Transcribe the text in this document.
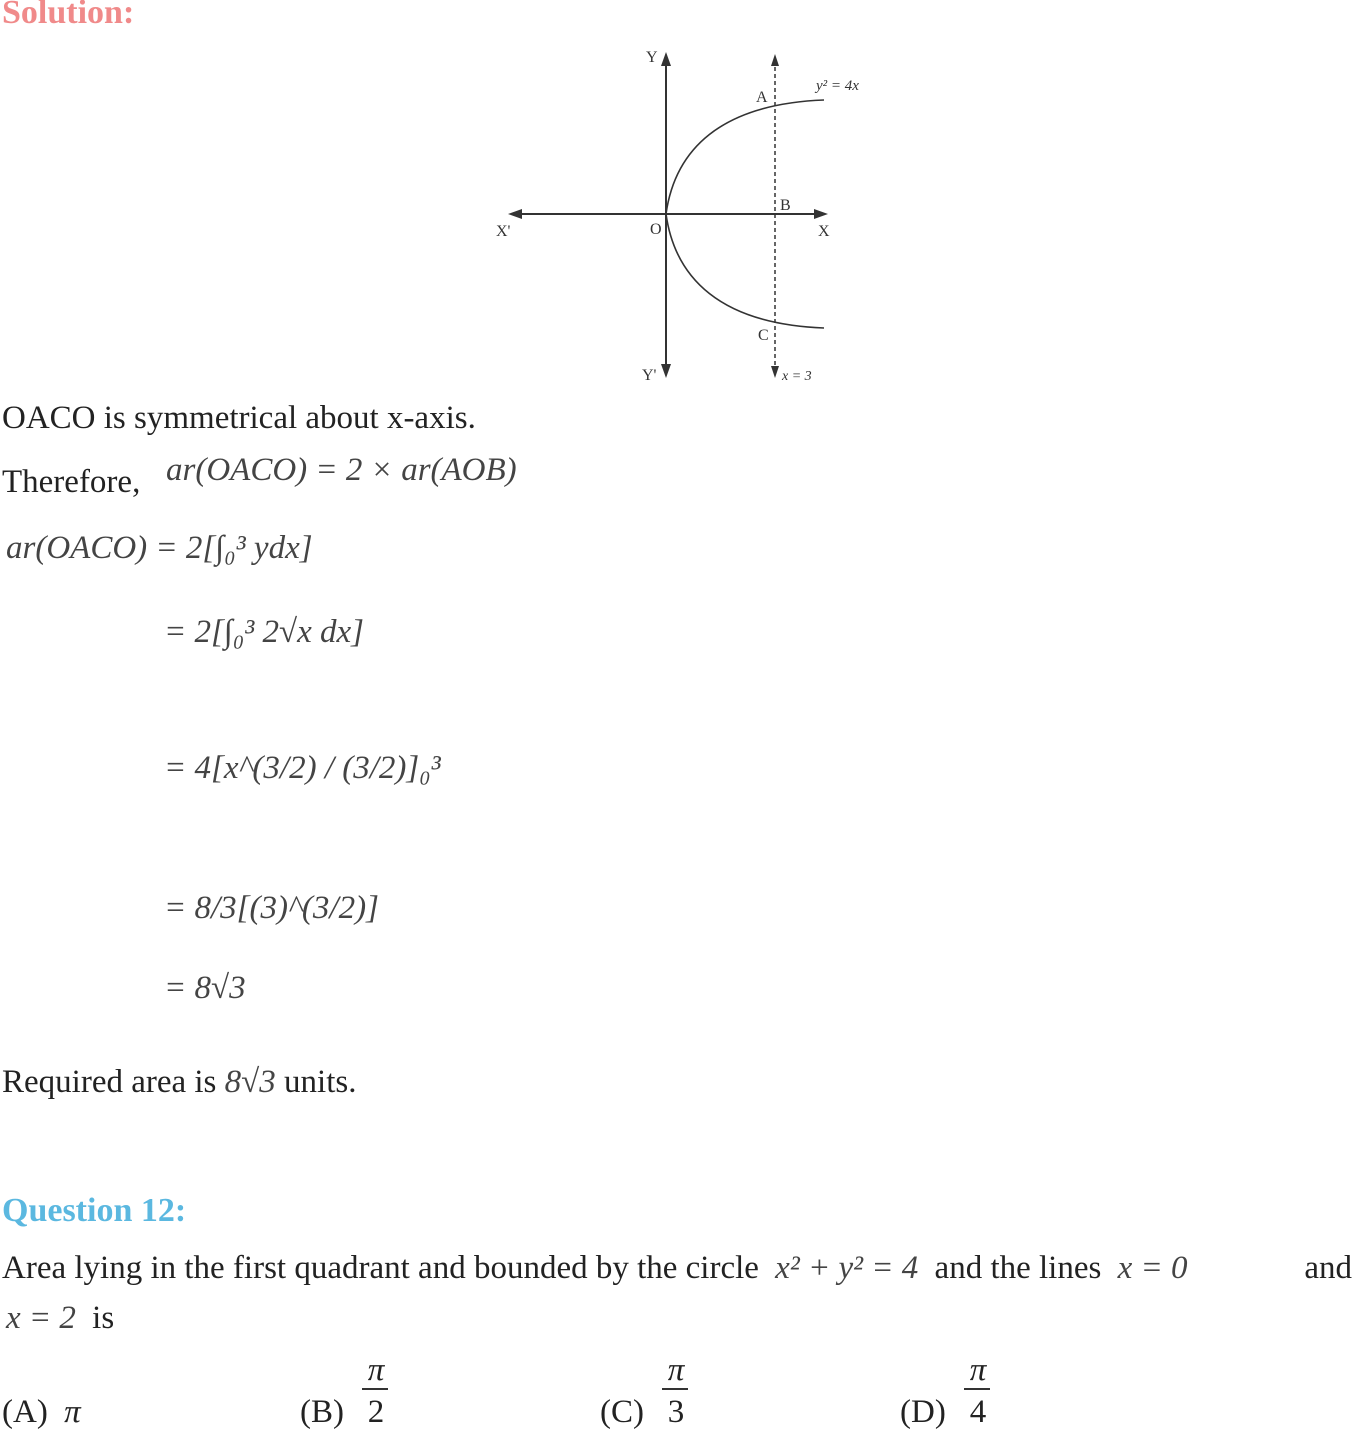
Solution:
Y
Y'
X
X'	O
A
B
C
y² = 4x
x = 3
OACO is symmetrical about x-axis.
Therefore, ar(OACO) = 2 × ar(AOB)
ar(OACO) = 2[∫₀³ ydx]
= 2[∫₀³ 2√x dx]
= 4[x^(3/2) / (3/2)]₀³
= 8/3[(3)^(3/2)]
= 8√3
Required area is 8√3 units.
Question 12:
Area lying in the first quadrant and bounded by the circle x² + y² = 4 and the lines x = 0	and
x = 2 is
(A) π	(B)
π
2	(C)
π
3	(D)
π
4
